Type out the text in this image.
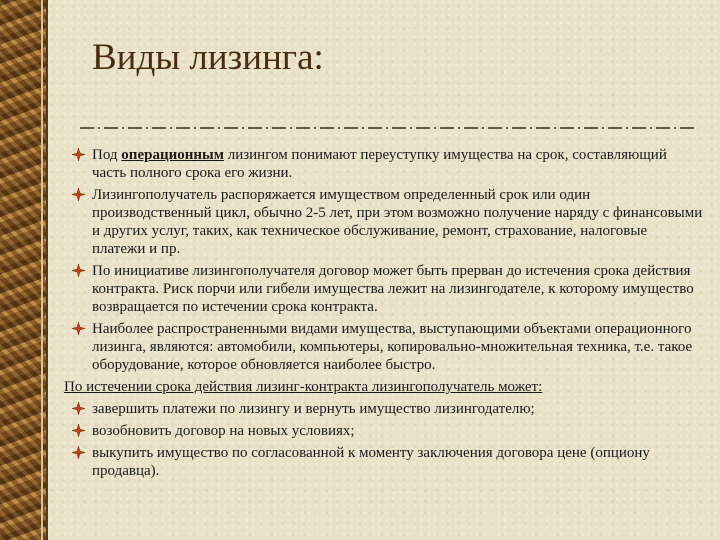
Виды лизинга:
Под операционным лизингом понимают переуступку имущества на срок, составляющий часть полного срока его жизни.
Лизингополучатель распоряжается имуществом определенный срок или один производственный цикл, обычно 2-5 лет, при этом возможно получение наряду с финансовыми и других услуг, таких, как техническое обслуживание, ремонт, страхование, налоговые платежи и пр.
По инициативе лизингополучателя договор может быть прерван до истечения срока действия контракта. Риск порчи или гибели имущества лежит на лизингодателе, к которому имущество возвращается по истечении срока контракта.
Наиболее распространенными видами имущества, выступающими объектами операционного лизинга, являются: автомобили, компьютеры, копировально-множительная техника, т.е. такое оборудование, которое обновляется наиболее быстро.
По истечении срока действия лизинг-контракта лизингополучатель может:
завершить платежи по лизингу и вернуть имущество лизингодателю;
возобновить договор на новых условиях;
выкупить имущество по согласованной к моменту заключения договора цене (опциону продавца).
